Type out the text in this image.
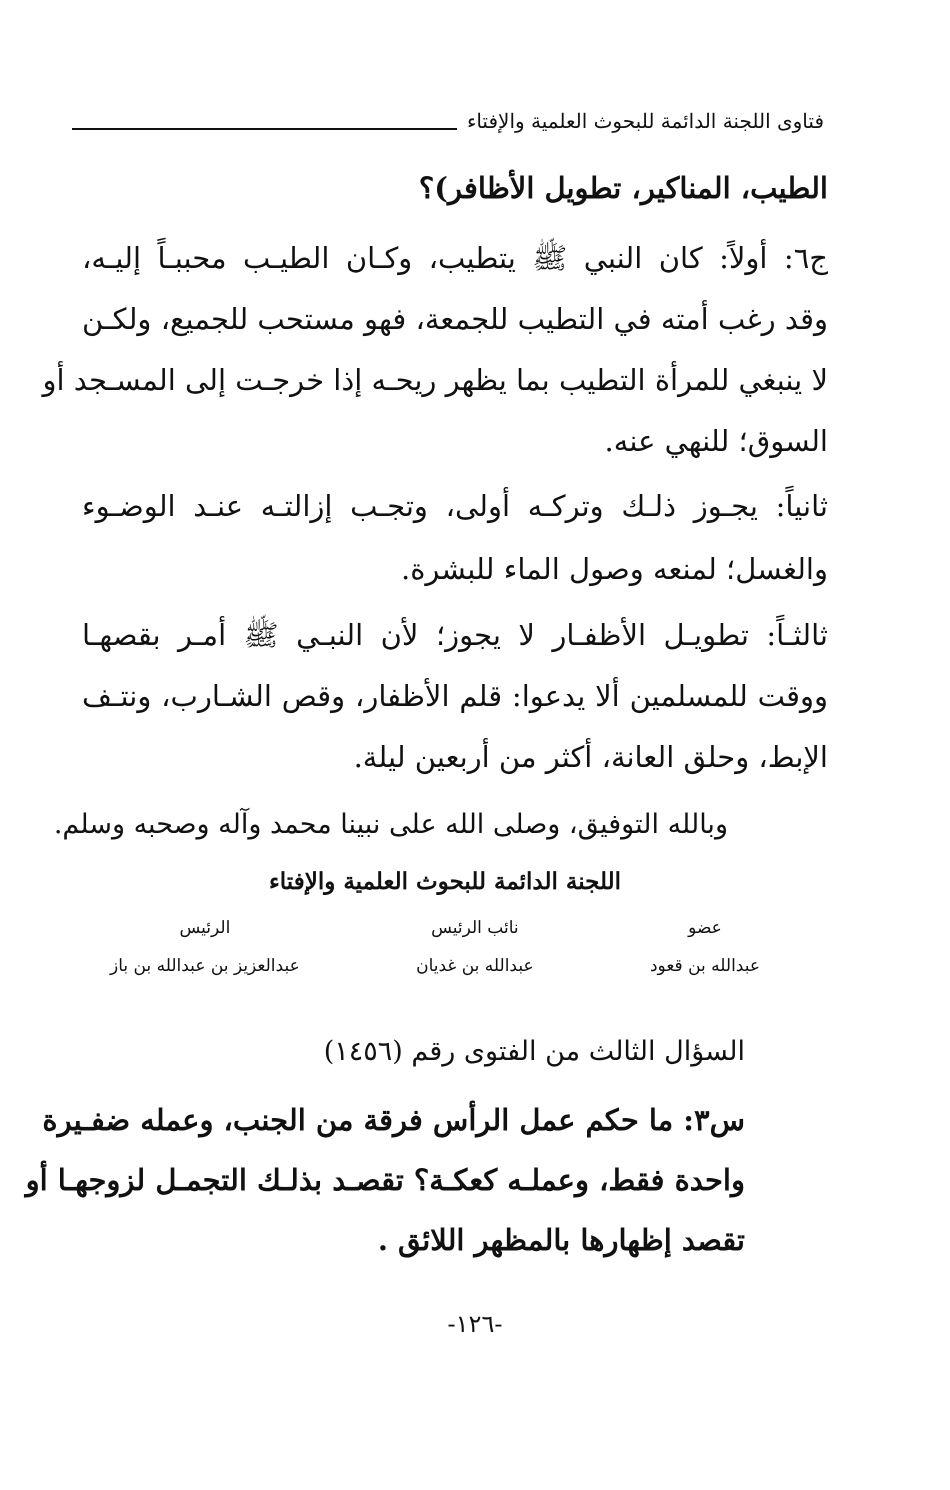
فتاوى اللجنة الدائمة للبحوث العلمية والإفتاء
الطيب، المناكير، تطويل الأظافر)؟
ج٦: أولاً: كان النبي ﷺ يتطيب، وكـان الطيـب محببـاً إليـه،
وقد رغب أمته في التطيب للجمعة، فهو مستحب للجميع، ولكـن
لا ينبغي للمرأة التطيب بما يظهر ريحـه إذا خرجـت إلى المسـجد أو
السوق؛ للنهي عنه.
ثانياً: يجـوز ذلـك وتركـه أولى، وتجـب إزالتـه عنـد الوضـوء
والغسل؛ لمنعه وصول الماء للبشرة.
ثالثـاً: تطويـل الأظفـار لا يجوز؛ لأن النبـي ﷺ أمـر بقصهـا
ووقت للمسلمين ألا يدعوا: قلم الأظفار، وقص الشـارب، ونتـف
الإبط، وحلق العانة، أكثر من أربعين ليلة.
وبالله التوفيق، وصلى الله على نبينا محمد وآله وصحبه وسلم.
اللجنة الدائمة للبحوث العلمية والإفتاء
عضو
عبدالله بن قعود
نائب الرئيس
عبدالله بن غديان
الرئيس
عبدالعزيز بن عبدالله بن باز
السؤال الثالث من الفتوى رقم (١٤٥٦)
س٣: ما حكم عمل الرأس فرقة من الجنب، وعمله ضفـيرة
واحدة فقط، وعملـه كعكـة؟ تقصـد بذلـك التجمـل لزوجهـا أو
تقصد إظهارها بالمظهر اللائق .
-١٢٦-
